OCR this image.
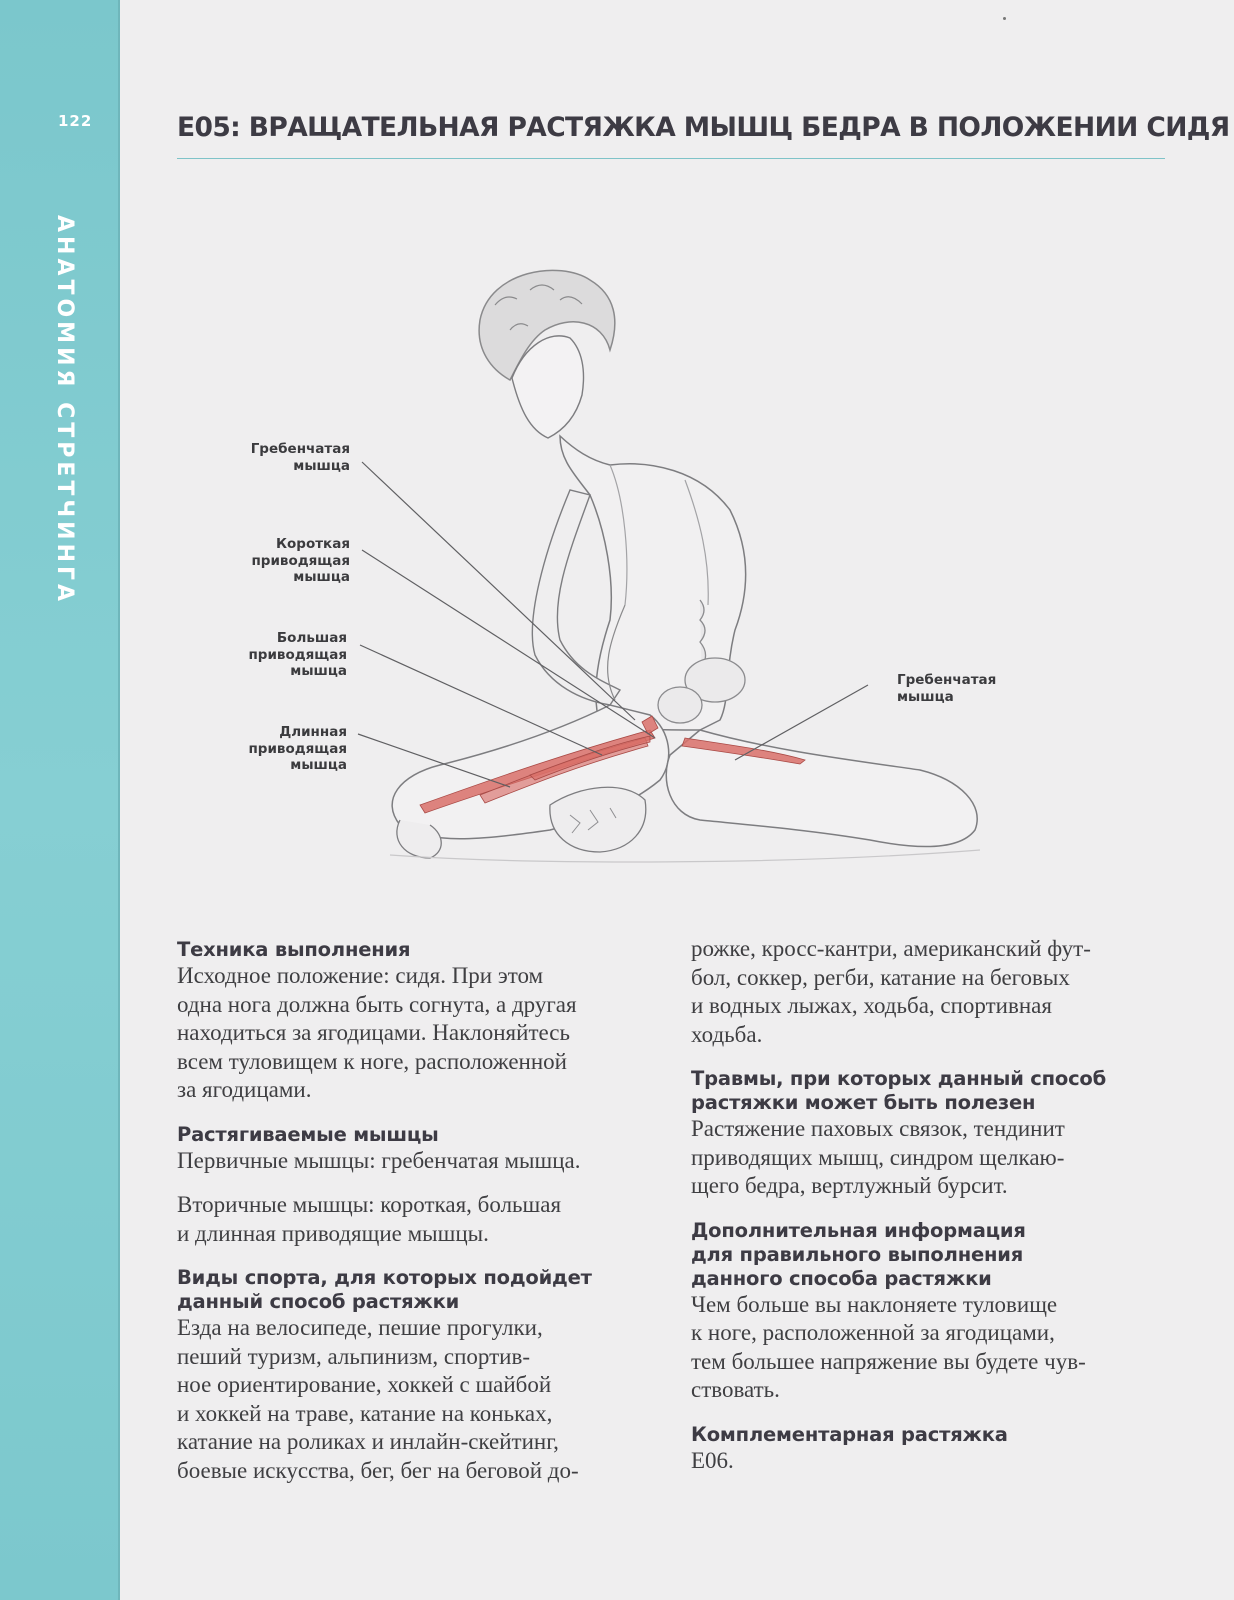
122
АНАТОМИЯ СТРЕТЧИНГА
E05: ВРАЩАТЕЛЬНАЯ РАСТЯЖКА МЫШЦ БЕДРА В ПОЛОЖЕНИИ СИДЯ
Гребенчатая
мышца
Короткая
приводящая
мышца
Большая
приводящая
мышца
Длинная
приводящая
мышца
Гребенчатая
мышца
Техника выполнения

Исходное положение: сидя. При этом
одна нога должна быть согнута, а другая
находиться за ягодицами. Наклоняйтесь
всем туловищем к ноге, расположенной
за ягодицами.

Растягиваемые мышцы

Первичные мышцы: гребенчатая мышца.

Вторичные мышцы: короткая, большая
и длинная приводящие мышцы.

Виды спорта, для которых подойдет
данный способ растяжки

Езда на велосипеде, пешие прогулки,
пеший туризм, альпинизм, спортив-
ное ориентирование, хоккей с шайбой
и хоккей на траве, катание на коньках,
катание на роликах и инлайн-скейтинг,
боевые искусства, бег, бег на беговой до-

рожке, кросс-кантри, американский фут-
бол, соккер, регби, катание на беговых
и водных лыжах, ходьба, спортивная
ходьба.

Травмы, при которых данный способ
растяжки может быть полезен

Растяжение паховых связок, тендинит
приводящих мышц, синдром щелкаю-
щего бедра, вертлужный бурсит.

Дополнительная информация
для правильного выполнения
данного способа растяжки

Чем больше вы наклоняете туловище
к ноге, расположенной за ягодицами,
тем большее напряжение вы будете чув-
ствовать.

Комплементарная растяжка

E06.
